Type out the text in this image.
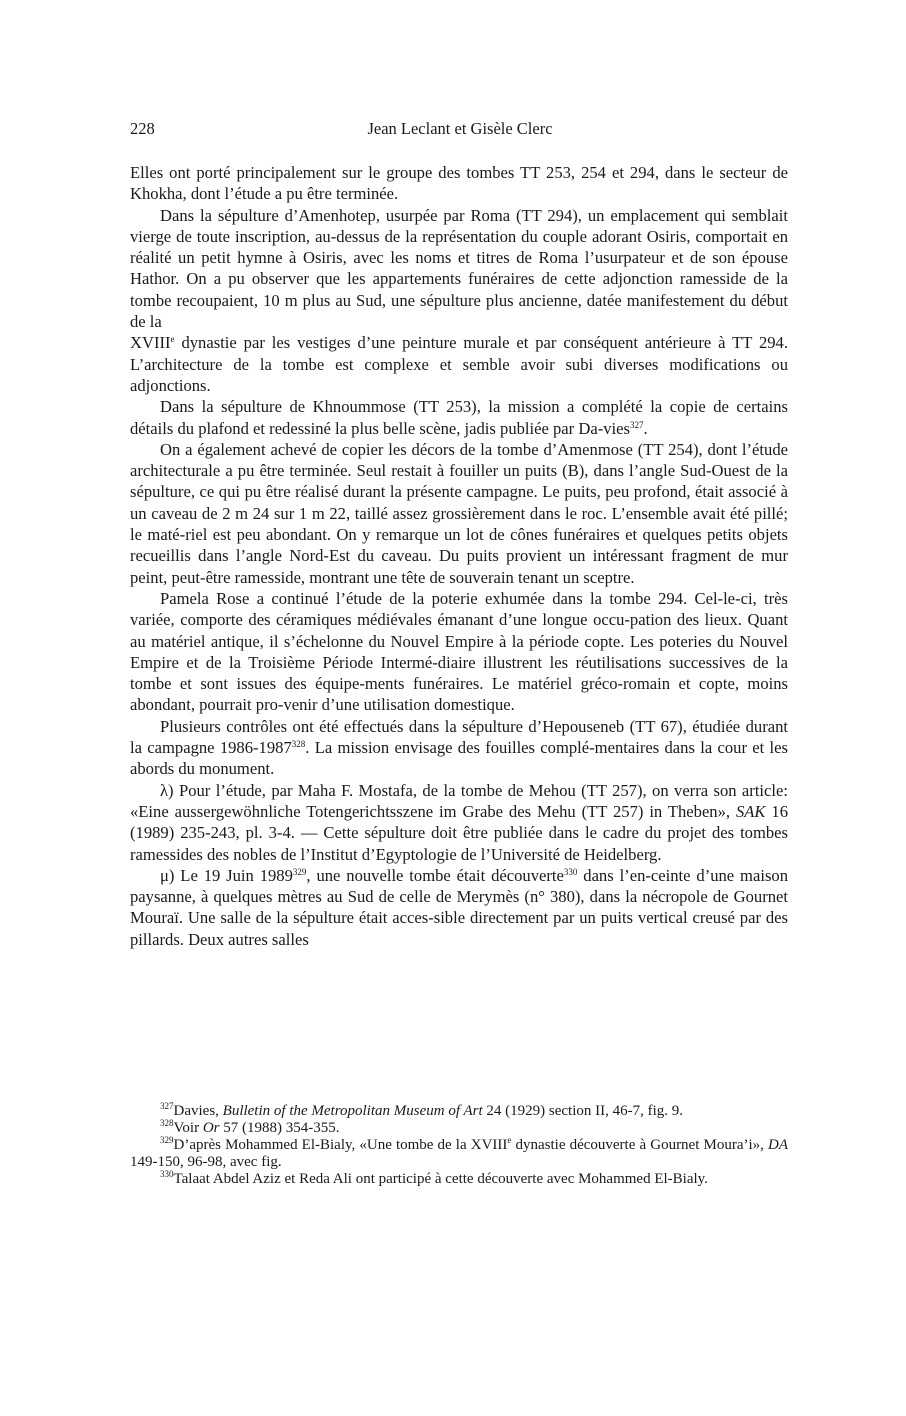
228	Jean Leclant et Gisèle Clerc

Elles ont porté principalement sur le groupe des tombes TT 253, 254 et 294, dans le secteur de Khokha, dont l’étude a pu être terminée.

Dans la sépulture d’Amenhotep, usurpée par Roma (TT 294), un emplacement qui semblait vierge de toute inscription, au-dessus de la représentation du couple adorant Osiris, comportait en réalité un petit hymne à Osiris, avec les noms et titres de Roma l’usurpateur et de son épouse Hathor. On a pu observer que les appartements funéraires de cette adjonction ramesside de la tombe recoupaient, 10 m plus au Sud, une sépulture plus ancienne, datée manifestement du début de la

XVIIIe dynastie par les vestiges d’une peinture murale et par conséquent antérieure à TT 294. L’architecture de la tombe est complexe et semble avoir subi diverses modifications ou adjonctions.

Dans la sépulture de Khnoummose (TT 253), la mission a complété la copie de certains détails du plafond et redessiné la plus belle scène, jadis publiée par Da-vies$^{327}$.

On a également achevé de copier les décors de la tombe d’Amenmose (TT 254), dont l’étude architecturale a pu être terminée. Seul restait à fouiller un puits (B), dans l’angle Sud-Ouest de la sépulture, ce qui pu être réalisé durant la présente campagne. Le puits, peu profond, était associé à un caveau de 2 m 24 sur 1 m 22, taillé assez grossièrement dans le roc. L’ensemble avait été pillé; le maté-riel est peu abondant. On y remarque un lot de cônes funéraires et quelques petits objets recueillis dans l’angle Nord-Est du caveau. Du puits provient un intéressant fragment de mur peint, peut-être ramesside, montrant une tête de souverain tenant un sceptre.

Pamela Rose a continué l’étude de la poterie exhumée dans la tombe 294. Cel-le-ci, très variée, comporte des céramiques médiévales émanant d’une longue occu-pation des lieux. Quant au matériel antique, il s’échelonne du Nouvel Empire à la période copte. Les poteries du Nouvel Empire et de la Troisième Période Intermé-diaire illustrent les réutilisations successives de la tombe et sont issues des équipe-ments funéraires. Le matériel gréco-romain et copte, moins abondant, pourrait pro-venir d’une utilisation domestique.

Plusieurs contrôles ont été effectués dans la sépulture d’Hepouseneb (TT 67), étudiée durant la campagne 1986-1987$^{328}$. La mission envisage des fouilles complé-mentaires dans la cour et les abords du monument.

λ) Pour l’étude, par Maha F. Mostafa, de la tombe de Mehou (TT 257), on verra son article: «Eine aussergewöhnliche Totengerichtsszene im Grabe des Mehu (TT 257) in Theben», SAK 16 (1989) 235-243, pl. 3-4. — Cette sépulture doit être publiée dans le cadre du projet des tombes ramessides des nobles de l’Institut d’Egyptologie de l’Université de Heidelberg.

μ) Le 19 Juin 1989$^{329}$, une nouvelle tombe était découverte$^{330}$ dans l’en-ceinte d’une maison paysanne, à quelques mètres au Sud de celle de Merymès (n° 380), dans la nécropole de Gournet Mouraï. Une salle de la sépulture était acces-sible directement par un puits vertical creusé par des pillards. Deux autres salles

$^{327}$Davies, Bulletin of the Metropolitan Museum of Art 24 (1929) section II, 46-7, fig. 9.

$^{328}$Voir Or 57 (1988) 354-355.

$^{329}$D’après Mohammed El-Bialy, «Une tombe de la XVIIIe dynastie découverte à Gournet Moura’i», DA 149-150, 96-98, avec fig.

$^{330}$Talaat Abdel Aziz et Reda Ali ont participé à cette découverte avec Mohammed El-Bialy.
